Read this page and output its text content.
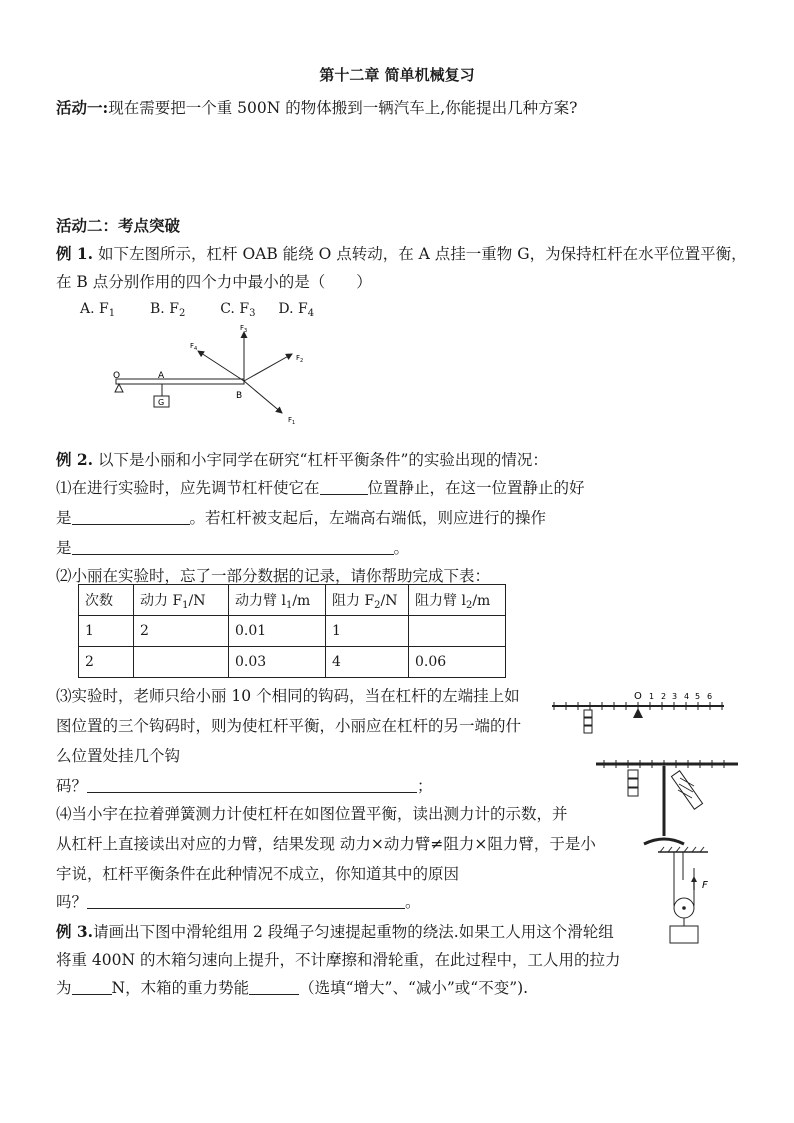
第十二章 简单机械复习
活动一:现在需要把一个重 500N 的物体搬到一辆汽车上,你能提出几种方案?
活动二：考点突破
例 1. 如下左图所示，杠杆 OAB 能绕 O 点转动，在 A 点挂一重物 G，为保持杠杆在水平位置平衡，
在 B 点分别作用的四个力中最小的是（　　）
A. $F_1$ B. $F_2$ C. $F_3$ D. $F_4$
G
O	A
B
$F_3$
$F_4$
$F_2$
$F_1$
例 2. 以下是小丽和小宇同学在研究“杠杆平衡条件”的实验出现的情况：
⑴在进行实验时，应先调节杠杆使它在	位置静止，在这一位置静止的好
是	。若杠杆被支起后，左端高右端低，则应进行的操作
是	。
⑵小丽在实验时，忘了一部分数据的记录，请你帮助完成下表：
次数	动力 $F_1/N$	动力臂 $l_1/m$	阻力 $F_2/N$	阻力臂 $l_2/m$
1	2	0.01	1	
2		0.03	4	0.06
⑶实验时，老师只给小丽 10 个相同的钩码，当在杠杆的左端挂上如
图位置的三个钩码时，则为使杠杆平衡，小丽应在杠杆的另一端的什
么位置处挂几个钩
码？	；
O 1 2 3 4 5 6
⑷当小宇在拉着弹簧测力计使杠杆在如图位置平衡，读出测力计的示数，并
从杠杆上直接读出对应的力臂，结果发现 动力×动力臂≠阻力×阻力臂，于是小
宇说，杠杆平衡条件在此种情况不成立，你知道其中的原因
吗？	。
F
例 3.请画出下图中滑轮组用 2 段绳子匀速提起重物的绕法.如果工人用这个滑轮组
将重 400N 的木箱匀速向上提升，不计摩擦和滑轮重，在此过程中，工人用的拉力
为	N，木箱的重力势能	（选填“增大”、“减小”或“不变”).
